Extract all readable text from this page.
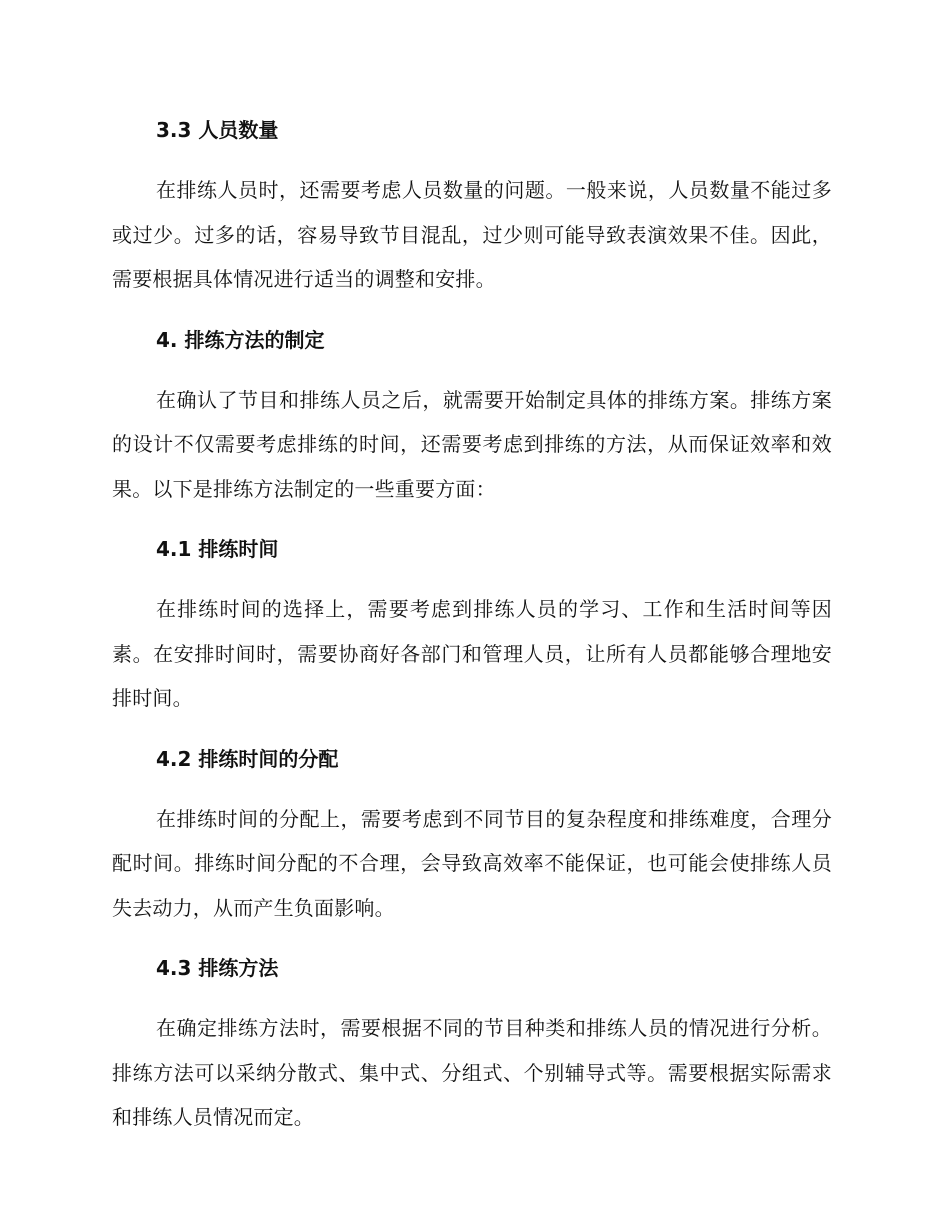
3.3 人员数量

在排练人员时，还需要考虑人员数量的问题。一般来说，人员数量不能过多或过少。过多的话，容易导致节目混乱，过少则可能导致表演效果不佳。因此，需要根据具体情况进行适当的调整和安排。

4. 排练方法的制定

在确认了节目和排练人员之后，就需要开始制定具体的排练方案。排练方案的设计不仅需要考虑排练的时间，还需要考虑到排练的方法，从而保证效率和效果。以下是排练方法制定的一些重要方面：

4.1 排练时间

在排练时间的选择上，需要考虑到排练人员的学习、工作和生活时间等因素。在安排时间时，需要协商好各部门和管理人员，让所有人员都能够合理地安排时间。

4.2 排练时间的分配

在排练时间的分配上，需要考虑到不同节目的复杂程度和排练难度，合理分配时间。排练时间分配的不合理，会导致高效率不能保证，也可能会使排练人员失去动力，从而产生负面影响。

4.3 排练方法

在确定排练方法时，需要根据不同的节目种类和排练人员的情况进行分析。排练方法可以采纳分散式、集中式、分组式、个别辅导式等。需要根据实际需求和排练人员情况而定。
